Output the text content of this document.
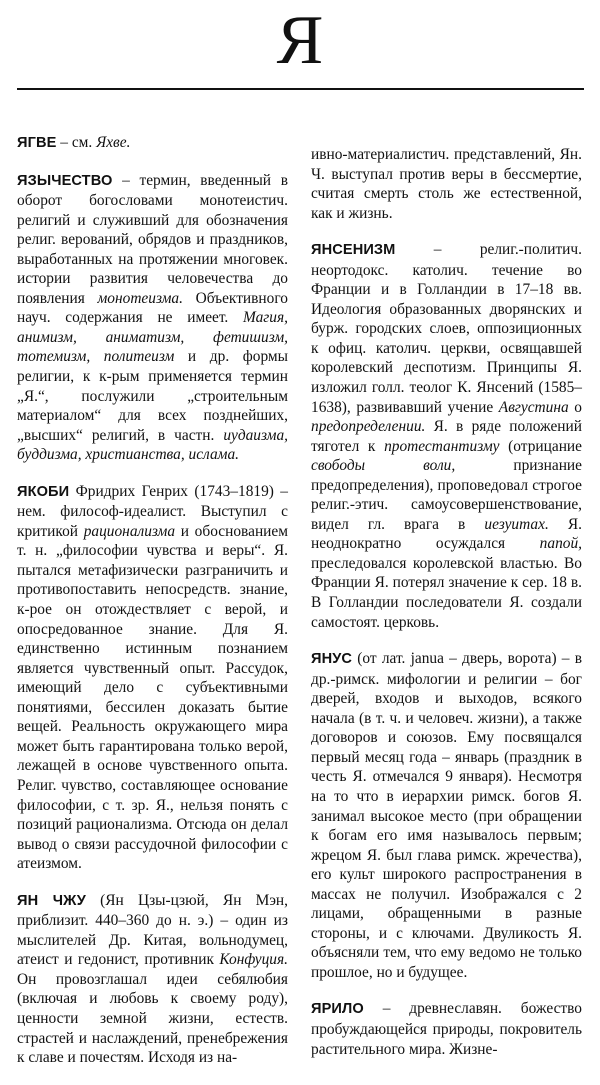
Я

ЯГВЕ – см. Яхве.

ЯЗЫЧЕСТВО – термин, введенный в оборот богословами монотеистич. религий и служивший для обозначения религ. верований, обрядов и праздников, выработанных на протяжении многовек. истории развития человечества до появления монотеизма. Объективного науч. содержания не имеет. Магия, анимизм, аниматизм, фетишизм, тотемизм, политеизм и др. формы религии, к к-рым применяется термин „Я.“, послужили „строительным материалом“ для всех позднейших, „высших“ религий, в частн. иудаизма, буддизма, христианства, ислама.

ЯКОБИ Фридрих Генрих (1743–1819) – нем. философ-идеалист. Выступил с критикой рационализма и обоснованием т. н. „философии чувства и веры“. Я. пытался метафизически разграничить и противопоставить непосредств. знание, к-рое он отождествляет с верой, и опосредованное знание. Для Я. единственно истинным познанием является чувственный опыт. Рассудок, имеющий дело с субъективными понятиями, бессилен доказать бытие вещей. Реальность окружающего мира может быть гарантирована только верой, лежащей в основе чувственного опыта. Религ. чувство, составляющее основание философии, с т. зр. Я., нельзя понять с позиций рационализма. Отсюда он делал вывод о связи рассудочной философии с атеизмом.

ЯН ЧЖУ (Ян Цзы-цзюй, Ян Мэн, приблизит. 440–360 до н. э.) – один из мыслителей Др. Китая, вольнодумец, атеист и гедонист, противник Конфуция. Он провозглашал идеи себялюбия (включая и любовь к своему роду), ценности земной жизни, естеств. страстей и наслаждений, пренебрежения к славе и почестям. Исходя из на-

ивно-материалистич. представлений, Ян. Ч. выступал против веры в бессмертие, считая смерть столь же естественной, как и жизнь.

ЯНСЕНИЗМ – религ.-политич. неортодокс. католич. течение во Франции и в Голландии в 17–18 вв. Идеология образованных дворянских и бурж. городских слоев, оппозиционных к офиц. католич. церкви, освящавшей королевский деспотизм. Принципы Я. изложил голл. теолог К. Янсений (1585–1638), развивавший учение Августина о предопределении. Я. в ряде положений тяготел к протестантизму (отрицание свободы воли, признание предопределения), проповедовал строгое религ.-этич. самоусовершенствование, видел гл. врага в иезуитах. Я. неоднократно осуждался папой, преследовался королевской властью. Во Франции Я. потерял значение к сер. 18 в. В Голландии последователи Я. создали самостоят. церковь.

ЯНУС (от лат. janua – дверь, ворота) – в др.-римск. мифологии и религии – бог дверей, входов и выходов, всякого начала (в т. ч. и человеч. жизни), а также договоров и союзов. Ему посвящался первый месяц года – январь (праздник в честь Я. отмечался 9 января). Несмотря на то что в иерархии римск. богов Я. занимал высокое место (при обращении к богам его имя называлось первым; жрецом Я. был глава римск. жречества), его культ широкого распространения в массах не получил. Изображался с 2 лицами, обращенными в разные стороны, и с ключами. Двуликость Я. объясняли тем, что ему ведомо не только прошлое, но и будущее.

ЯРИЛО – древнеславян. божество пробуждающейся природы, покровитель растительного мира. Жизне-
